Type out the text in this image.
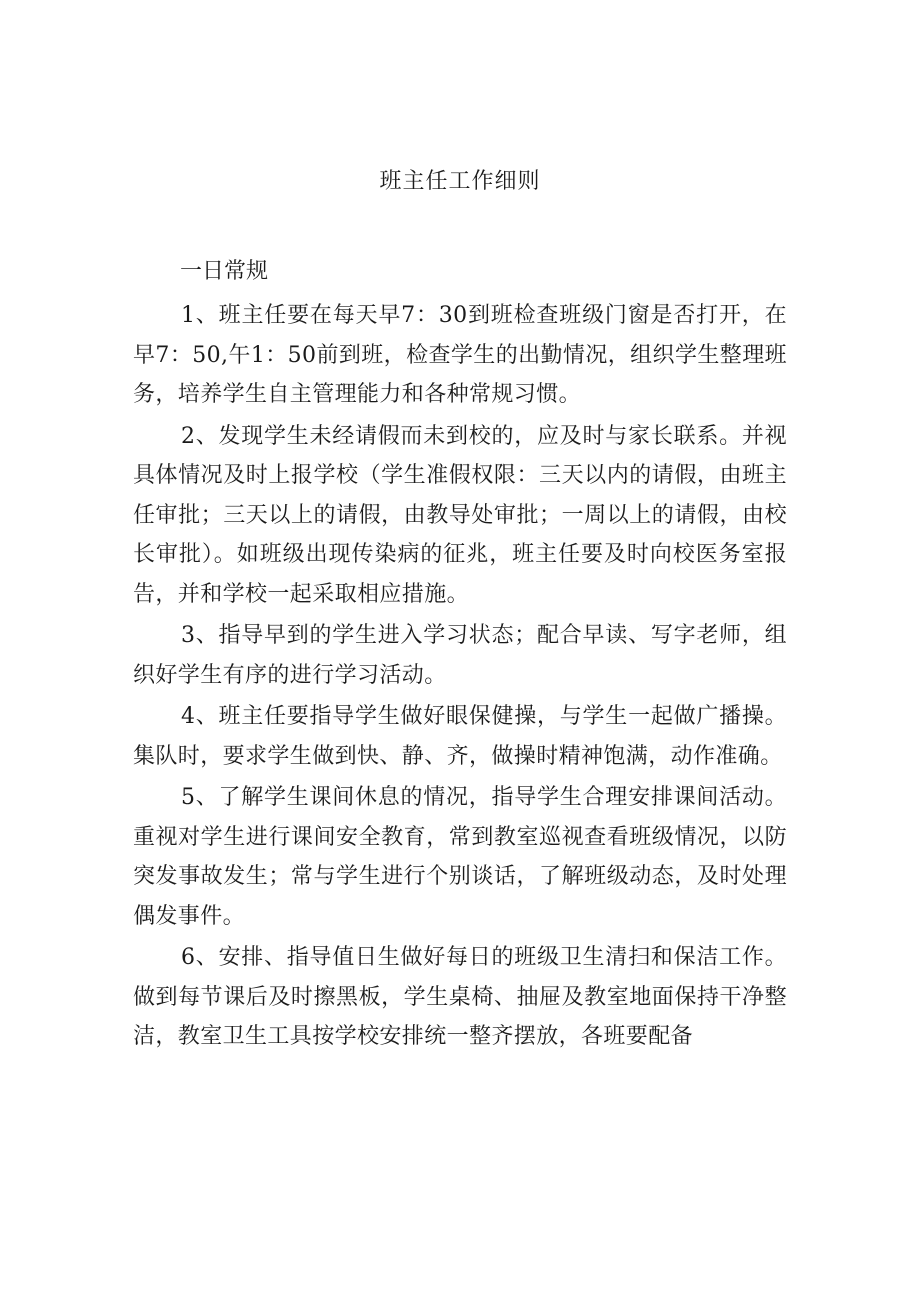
班主任工作细则
一日常规

1、班主任要在每天早7：30到班检查班级门窗是否打开，在早7：50,午1：50前到班，检查学生的出勤情况，组织学生整理班务，培养学生自主管理能力和各种常规习惯。

2、发现学生未经请假而未到校的，应及时与家长联系。并视具体情况及时上报学校（学生准假权限：三天以内的请假，由班主任审批；三天以上的请假，由教导处审批；一周以上的请假，由校长审批）。如班级出现传染病的征兆，班主任要及时向校医务室报告，并和学校一起采取相应措施。

3、指导早到的学生进入学习状态；配合早读、写字老师，组织好学生有序的进行学习活动。

4、班主任要指导学生做好眼保健操，与学生一起做广播操。集队时，要求学生做到快、静、齐，做操时精神饱满，动作准确。

5、了解学生课间休息的情况，指导学生合理安排课间活动。重视对学生进行课间安全教育，常到教室巡视查看班级情况，以防突发事故发生；常与学生进行个别谈话，了解班级动态，及时处理偶发事件。

6、安排、指导值日生做好每日的班级卫生清扫和保洁工作。做到每节课后及时擦黑板，学生桌椅、抽屉及教室地面保持干净整洁，教室卫生工具按学校安排统一整齐摆放，各班要配备
